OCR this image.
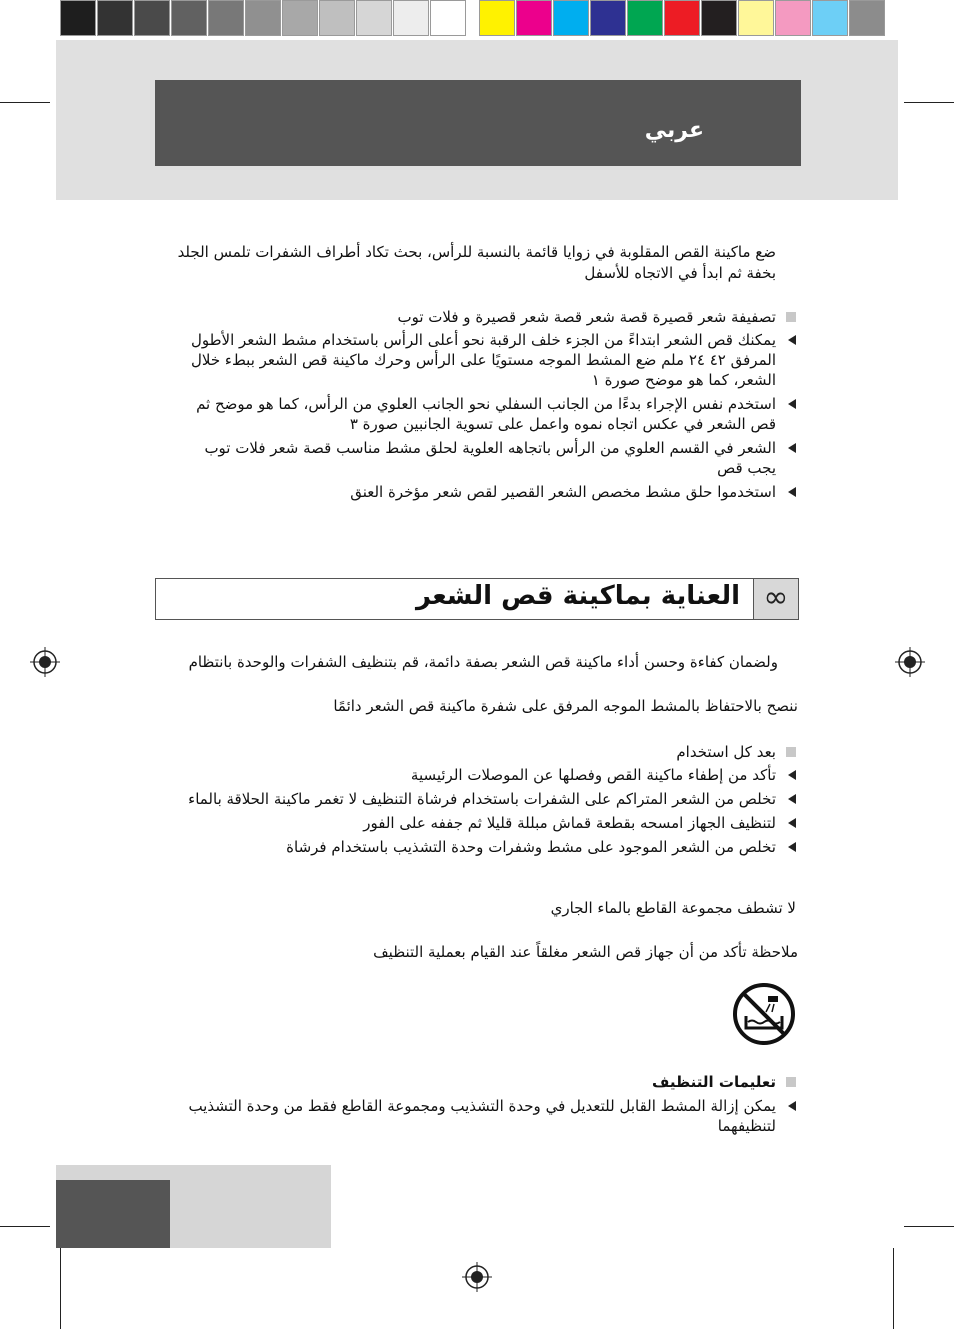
عربي
ضع ماكينة القص المقلوبة في زوايا قائمة بالنسبة للرأس، بحث تكاد أطراف الشفرات تلمس الجلد بخفة ثم ابدأ في الاتجاه للأسفل
تصفيفة شعر قصيرة قصة شعر قصة شعر قصيرة و فلات توب
يمكنك قص الشعر ابتداءً من الجزء خلف الرقبة نحو أعلى الرأس باستخدام مشط الشعر الأطول المرفق ٤٢ ٢٤ ملم ضع المشط الموجه مستويًا على الرأس وحرك ماكينة قص الشعر ببطء خلال الشعر، كما هو موضح صورة ١
استخدم نفس الإجراء بدءًا من الجانب السفلي نحو الجانب العلوي من الرأس، كما هو موضح ثم قص الشعر في عكس اتجاه نموه واعمل على تسوية الجانبين صورة ٣
الشعر في القسم العلوي من الرأس باتجاهه العلوية لحلق مشط مناسب قصة شعر فلات توب يجب قص
استخدموا حلق مشط مخصص الشعر القصير لقص شعر مؤخرة العنق
العناية بماكينة قص الشعر ∞
ولضمان كفاءة وحسن أداء ماكينة قص الشعر بصفة دائمة، قم بتنظيف الشفرات والوحدة بانتظام
ننصح بالاحتفاظ بالمشط الموجه المرفق على شفرة ماكينة قص الشعر دائمًا
بعد كل استخدام
تأكد من إطفاء ماكينة القص وفصلها عن الموصلات الرئيسية
تخلص من الشعر المتراكم على الشفرات باستخدام فرشاة التنظيف لا تغمر ماكينة الحلاقة بالماء
لتنظيف الجهاز امسحه بقطعة قماش مبللة قليلا ثم جففه على الفور
تخلص من الشعر الموجود على مشط وشفرات وحدة التشذيب باستخدام فرشاة
لا تشطف مجموعة القاطع بالماء الجاري
ملاحظة تأكد من أن جهاز قص الشعر مغلقاً عند القيام بعملية التنظيف
تعليمات التنظيف
يمكن إزالة المشط القابل للتعديل في وحدة التشذيب ومجموعة القاطع فقط من وحدة التشذيب لتنظيفهما
